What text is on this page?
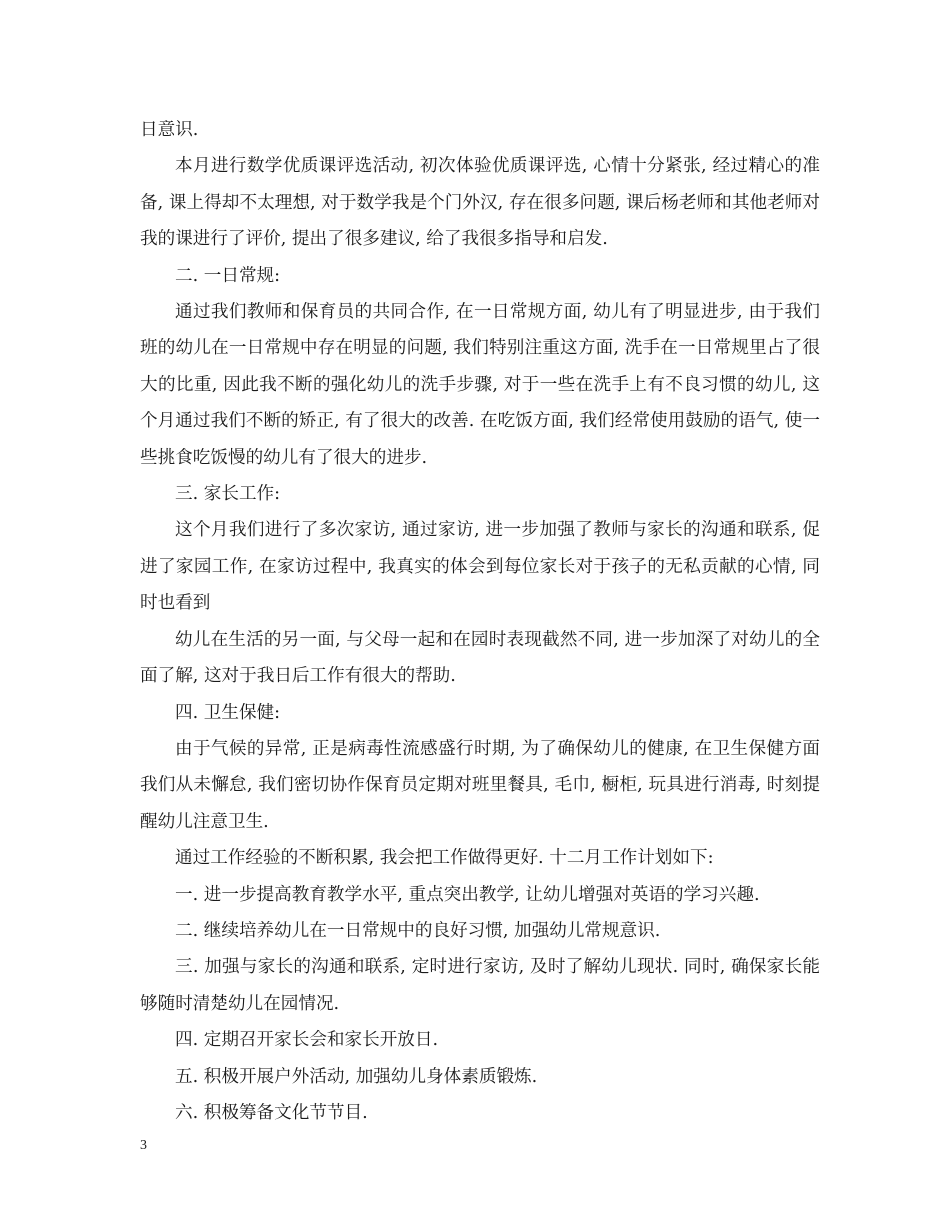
日意识.

本月进行数学优质课评选活动, 初次体验优质课评选, 心情十分紧张, 经过精心的准备, 课上得却不太理想, 对于数学我是个门外汉, 存在很多问题, 课后杨老师和其他老师对我的课进行了评价, 提出了很多建议, 给了我很多指导和启发.

二. 一日常规:

通过我们教师和保育员的共同合作, 在一日常规方面, 幼儿有了明显进步, 由于我们班的幼儿在一日常规中存在明显的问题, 我们特别注重这方面, 洗手在一日常规里占了很大的比重, 因此我不断的强化幼儿的洗手步骤, 对于一些在洗手上有不良习惯的幼儿, 这个月通过我们不断的矫正, 有了很大的改善. 在吃饭方面, 我们经常使用鼓励的语气, 使一些挑食吃饭慢的幼儿有了很大的进步.

三. 家长工作:

这个月我们进行了多次家访, 通过家访, 进一步加强了教师与家长的沟通和联系, 促进了家园工作, 在家访过程中, 我真实的体会到每位家长对于孩子的无私贡献的心情, 同时也看到

幼儿在生活的另一面, 与父母一起和在园时表现截然不同, 进一步加深了对幼儿的全面了解, 这对于我日后工作有很大的帮助.

四. 卫生保健:

由于气候的异常, 正是病毒性流感盛行时期, 为了确保幼儿的健康, 在卫生保健方面我们从未懈怠, 我们密切协作保育员定期对班里餐具, 毛巾, 橱柜, 玩具进行消毒, 时刻提醒幼儿注意卫生.

通过工作经验的不断积累, 我会把工作做得更好. 十二月工作计划如下:

一. 进一步提高教育教学水平, 重点突出教学, 让幼儿增强对英语的学习兴趣.

二. 继续培养幼儿在一日常规中的良好习惯, 加强幼儿常规意识.

三. 加强与家长的沟通和联系, 定时进行家访, 及时了解幼儿现状. 同时, 确保家长能够随时清楚幼儿在园情况.

四. 定期召开家长会和家长开放日.

五. 积极开展户外活动, 加强幼儿身体素质锻炼.

六. 积极筹备文化节节目.

3
